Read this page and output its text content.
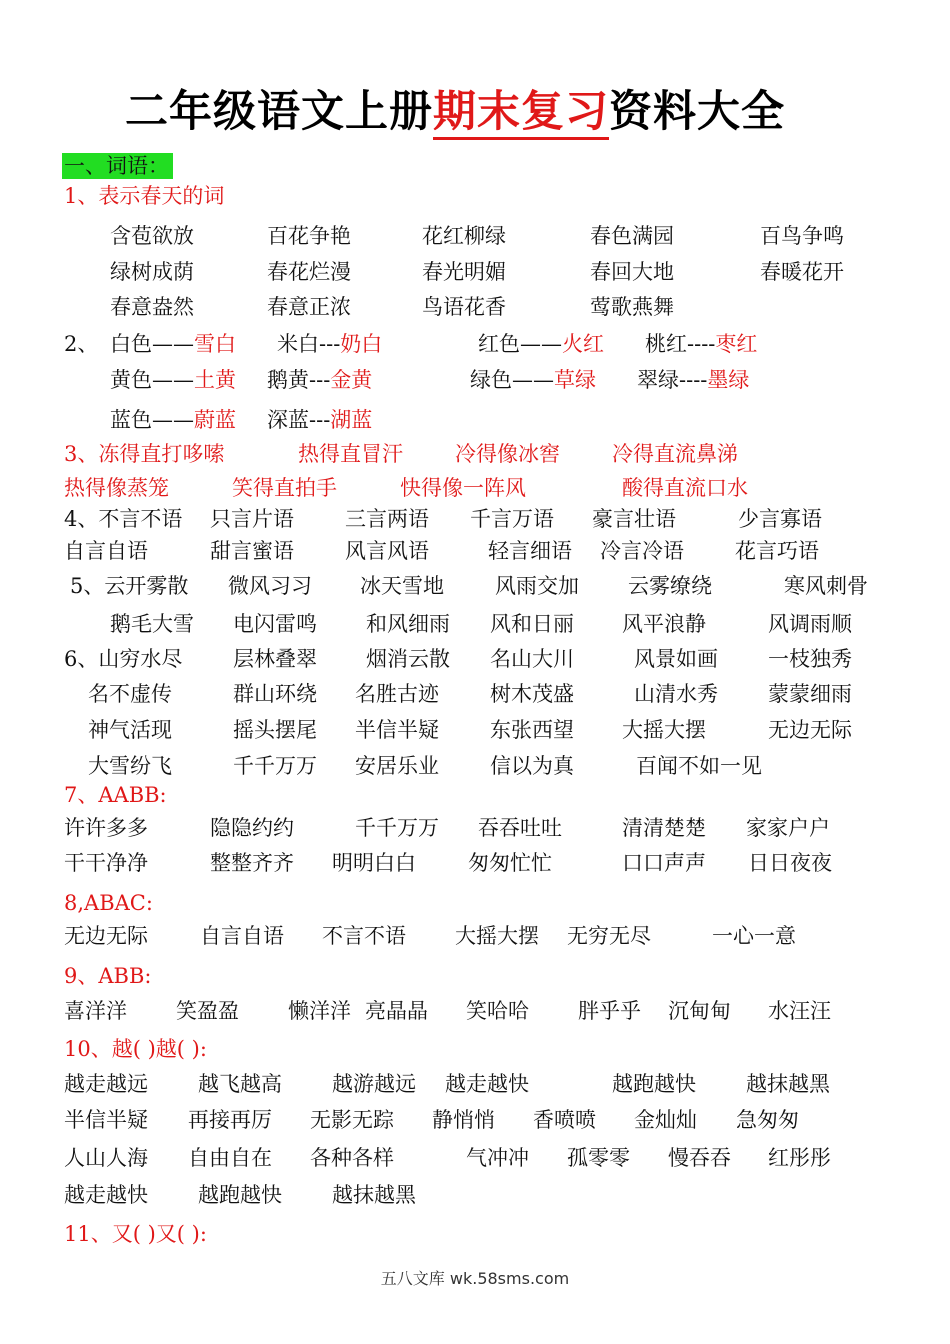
二年级语文上册期末复习资料大全
一、词语：
1、表示春天的词
含苞欲放	百花争艳	花红柳绿	春色满园	百鸟争鸣
绿树成荫	春花烂漫	春光明媚	春回大地	春暖花开
春意盎然	春意正浓	鸟语花香	莺歌燕舞
2、 白色——雪白 米白---奶白	红色——火红 桃红----枣红
黄色——土黄 鹅黄---金黄	绿色——草绿 翠绿----墨绿
蓝色——蔚蓝 深蓝---湖蓝
3、冻得直打哆嗦	热得直冒汗 冷得像冰窖 冷得直流鼻涕
热得像蒸笼	笑得直拍手	快得像一阵风	酸得直流口水
4、不言不语 只言片语 三言两语 千言万语 豪言壮语	少言寡语
自言自语	甜言蜜语 风言风语	轻言细语 冷言冷语 花言巧语
5、云开雾散 微风习习 冰天雪地 风雨交加 云雾缭绕	寒风刺骨
鹅毛大雪 电闪雷鸣 和风细雨 风和日丽 风平浪静	风调雨顺
6、山穷水尽 层林叠翠 烟消云散 名山大川	风景如画 一枝独秀
名不虚传	群山环绕 名胜古迹 树木茂盛	山清水秀 蒙蒙细雨
神气活现	摇头摆尾 半信半疑 东张西望 大摇大摆	无边无际
大雪纷飞	千千万万 安居乐业 信以为真	百闻不如一见
7、AABB:
许许多多	隐隐约约	千千万万 吞吞吐吐	清清楚楚 家家户户
干干净净	整整齐齐 明明白白 匆匆忙忙	口口声声 日日夜夜
8,ABAC:
无边无际 自言自语 不言不语 大摇大摆 无穷无尽	一心一意
9、ABB:
喜洋洋 笑盈盈 懒洋洋 亮晶晶 笑哈哈 胖乎乎 沉甸甸 水汪汪
10、越( )越( ):
越走越远 越飞越高 越游越远 越走越快	越跑越快 越抹越黑
半信半疑 再接再厉 无影无踪 静悄悄 香喷喷 金灿灿 急匆匆
人山人海 自由自在 各种各样	气冲冲 孤零零 慢吞吞 红彤彤
越走越快 越跑越快 越抹越黑
11、又( )又( ):
五八文库 wk.58sms.com
